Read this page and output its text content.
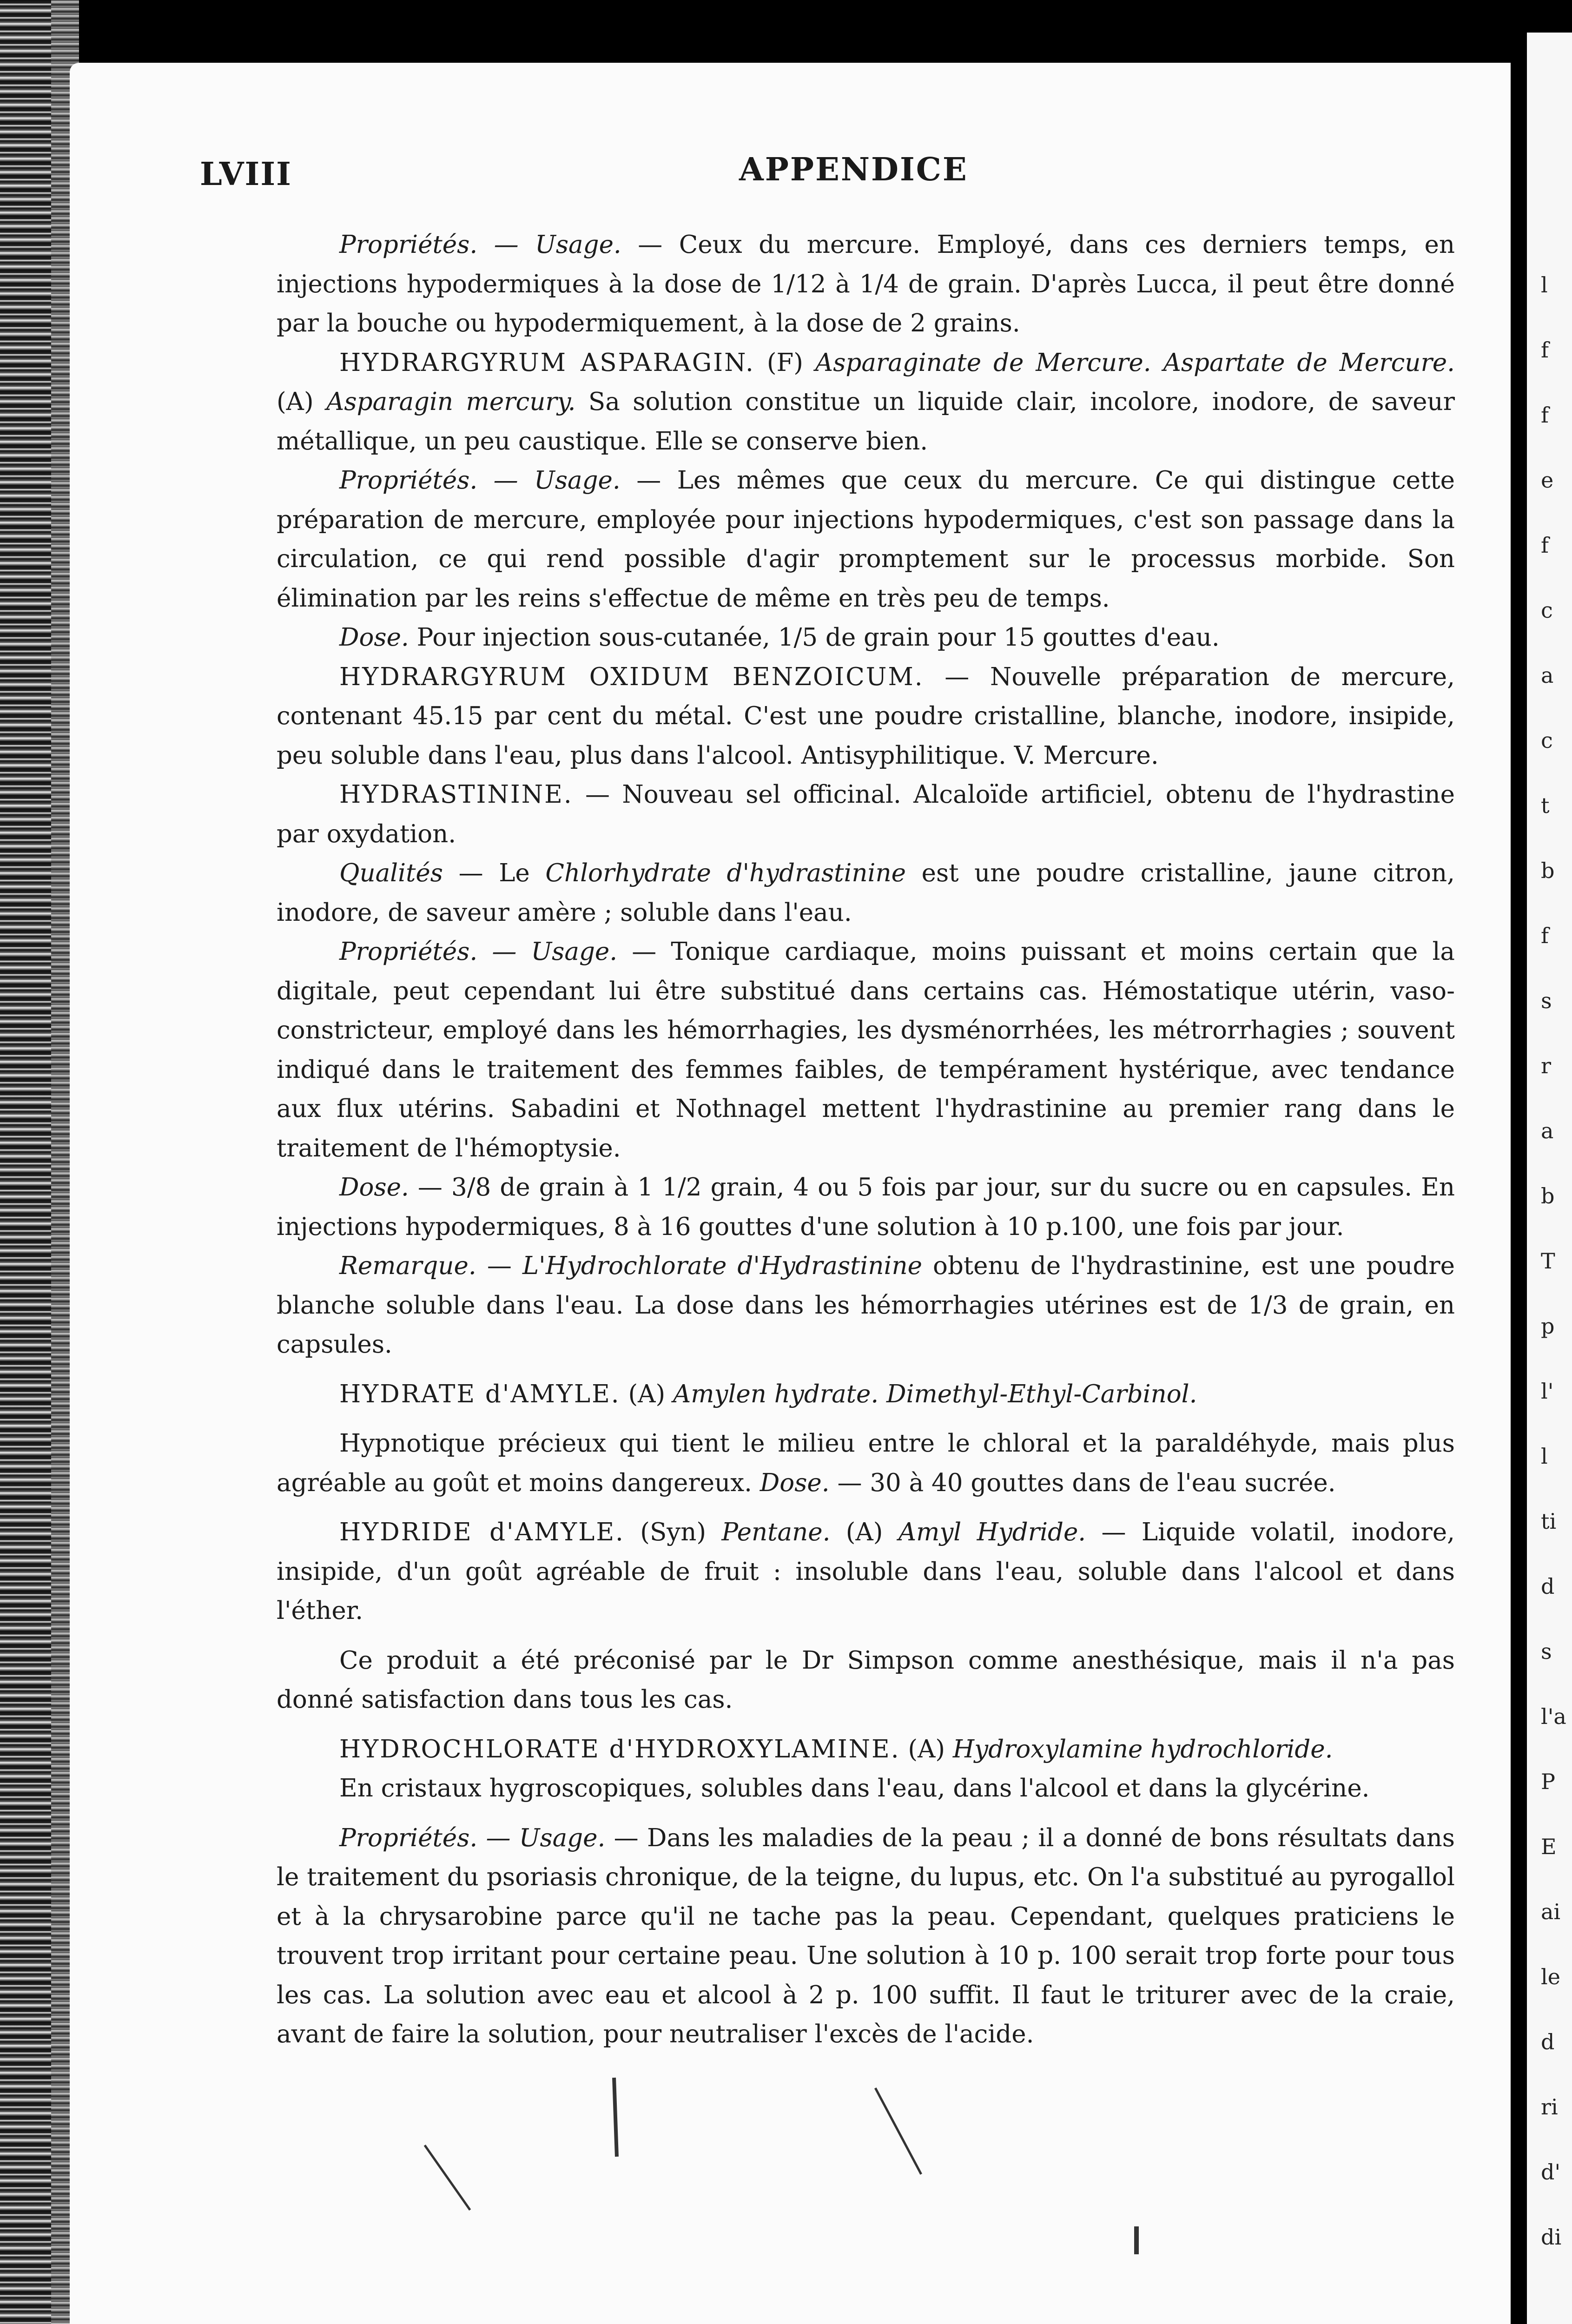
l
f
f
e
f
c
a
c
t
b
f
s
r
a
b
T
p
l'
l
ti
d
s
l'a
P
E
ai
le
d
ri
d'
di
LVIII	APPENDICE

Propriétés. — Usage. — Ceux du mercure. Employé, dans ces derniers temps, en injections hypodermiques à la dose de 1/12 à 1/4 de grain. D'après Lucca, il peut être donné par la bouche ou hypodermiquement, à la dose de 2 grains.

HYDRARGYRUM ASPARAGIN. (F) Asparaginate de Mercure. Aspartate de Mercure. (A) Asparagin mercury. Sa solution constitue un liquide clair, incolore, inodore, de saveur métallique, un peu caustique. Elle se conserve bien.

Propriétés. — Usage. — Les mêmes que ceux du mercure. Ce qui distingue cette préparation de mercure, employée pour injections hypodermiques, c'est son passage dans la circulation, ce qui rend possible d'agir promptement sur le processus morbide. Son élimination par les reins s'effectue de même en très peu de temps.

Dose. Pour injection sous-cutanée, 1/5 de grain pour 15 gouttes d'eau.

HYDRARGYRUM OXIDUM BENZOICUM. — Nouvelle préparation de mercure, contenant 45.15 par cent du métal. C'est une poudre cristalline, blanche, inodore, insipide, peu soluble dans l'eau, plus dans l'alcool. Antisyphilitique. V. Mercure.

HYDRASTININE. — Nouveau sel officinal. Alcaloïde artificiel, obtenu de l'hydrastine par oxydation.

Qualités — Le Chlorhydrate d'hydrastinine est une poudre cristalline, jaune citron, inodore, de saveur amère ; soluble dans l'eau.

Propriétés. — Usage. — Tonique cardiaque, moins puissant et moins certain que la digitale, peut cependant lui être substitué dans certains cas. Hémostatique utérin, vaso-constricteur, employé dans les hémorrhagies, les dysménorrhées, les métrorrhagies ; souvent indiqué dans le traitement des femmes faibles, de tempérament hystérique, avec tendance aux flux utérins. Sabadini et Nothnagel mettent l'hydrastinine au premier rang dans le traitement de l'hémoptysie.

Dose. — 3/8 de grain à 1 1/2 grain, 4 ou 5 fois par jour, sur du sucre ou en capsules. En injections hypodermiques, 8 à 16 gouttes d'une solution à 10 p.100, une fois par jour.

Remarque. — L'Hydrochlorate d'Hydrastinine obtenu de l'hydrastinine, est une poudre blanche soluble dans l'eau. La dose dans les hémorrhagies utérines est de 1/3 de grain, en capsules.

HYDRATE d'AMYLE. (A) Amylen hydrate. Dimethyl-Ethyl-Carbinol.

Hypnotique précieux qui tient le milieu entre le chloral et la paraldéhyde, mais plus agréable au goût et moins dangereux. Dose. — 30 à 40 gouttes dans de l'eau sucrée.

HYDRIDE d'AMYLE. (Syn) Pentane. (A) Amyl Hydride. — Liquide volatil, inodore, insipide, d'un goût agréable de fruit : insoluble dans l'eau, soluble dans l'alcool et dans l'éther.

Ce produit a été préconisé par le Dr Simpson comme anesthésique, mais il n'a pas donné satisfaction dans tous les cas.

HYDROCHLORATE d'HYDROXYLAMINE. (A) Hydroxylamine hydrochloride.

En cristaux hygroscopiques, solubles dans l'eau, dans l'alcool et dans la glycérine.

Propriétés. — Usage. — Dans les maladies de la peau ; il a donné de bons résultats dans le traitement du psoriasis chronique, de la teigne, du lupus, etc. On l'a substitué au pyrogallol et à la chrysarobine parce qu'il ne tache pas la peau. Cependant, quelques praticiens le trouvent trop irritant pour certaine peau. Une solution à 10 p. 100 serait trop forte pour tous les cas. La solution avec eau et alcool à 2 p. 100 suffit. Il faut le triturer avec de la craie, avant de faire la solution, pour neutraliser l'excès de l'acide.
